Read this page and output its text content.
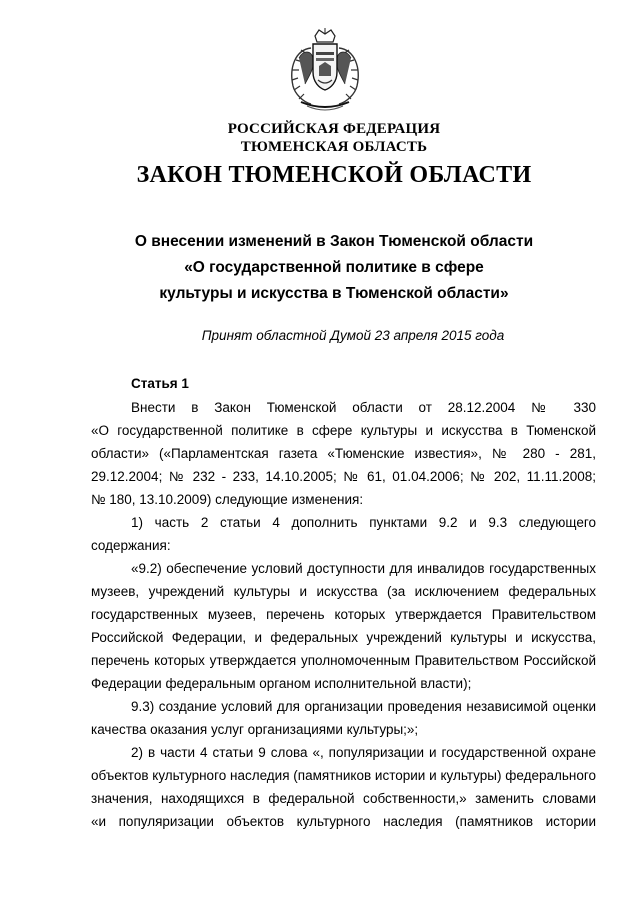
РОССИЙСКАЯ ФЕДЕРАЦИЯ
ТЮМЕНСКАЯ ОБЛАСТЬ
ЗАКОН ТЮМЕНСКОЙ ОБЛАСТИ
О внесении изменений в Закон Тюменской области
«О государственной политике в сфере
культуры и искусства в Тюменской области»
Принят областной Думой 23 апреля 2015 года
Статья 1
Внести в Закон Тюменской области от 28.12.2004 № 330
«О государственной политике в сфере культуры и искусства в Тюменской
области» («Парламентская газета «Тюменские известия», № 280 - 281,
29.12.2004; № 232 - 233, 14.10.2005; № 61, 01.04.2006; № 202, 11.11.2008;
№ 180, 13.10.2009) следующие изменения:
1) часть 2 статьи 4 дополнить пунктами 9.2 и 9.3 следующего
содержания:
«9.2) обеспечение условий доступности для инвалидов государственных
музеев, учреждений культуры и искусства (за исключением федеральных
государственных музеев, перечень которых утверждается Правительством
Российской Федерации, и федеральных учреждений культуры и искусства,
перечень которых утверждается уполномоченным Правительством Российской
Федерации федеральным органом исполнительной власти);
9.3) создание условий для организации проведения независимой оценки
качества оказания услуг организациями культуры;»;
2) в части 4 статьи 9 слова «, популяризации и государственной охране
объектов культурного наследия (памятников истории и культуры) федерального
значения, находящихся в федеральной собственности,» заменить словами
«и популяризации объектов культурного наследия (памятников истории
